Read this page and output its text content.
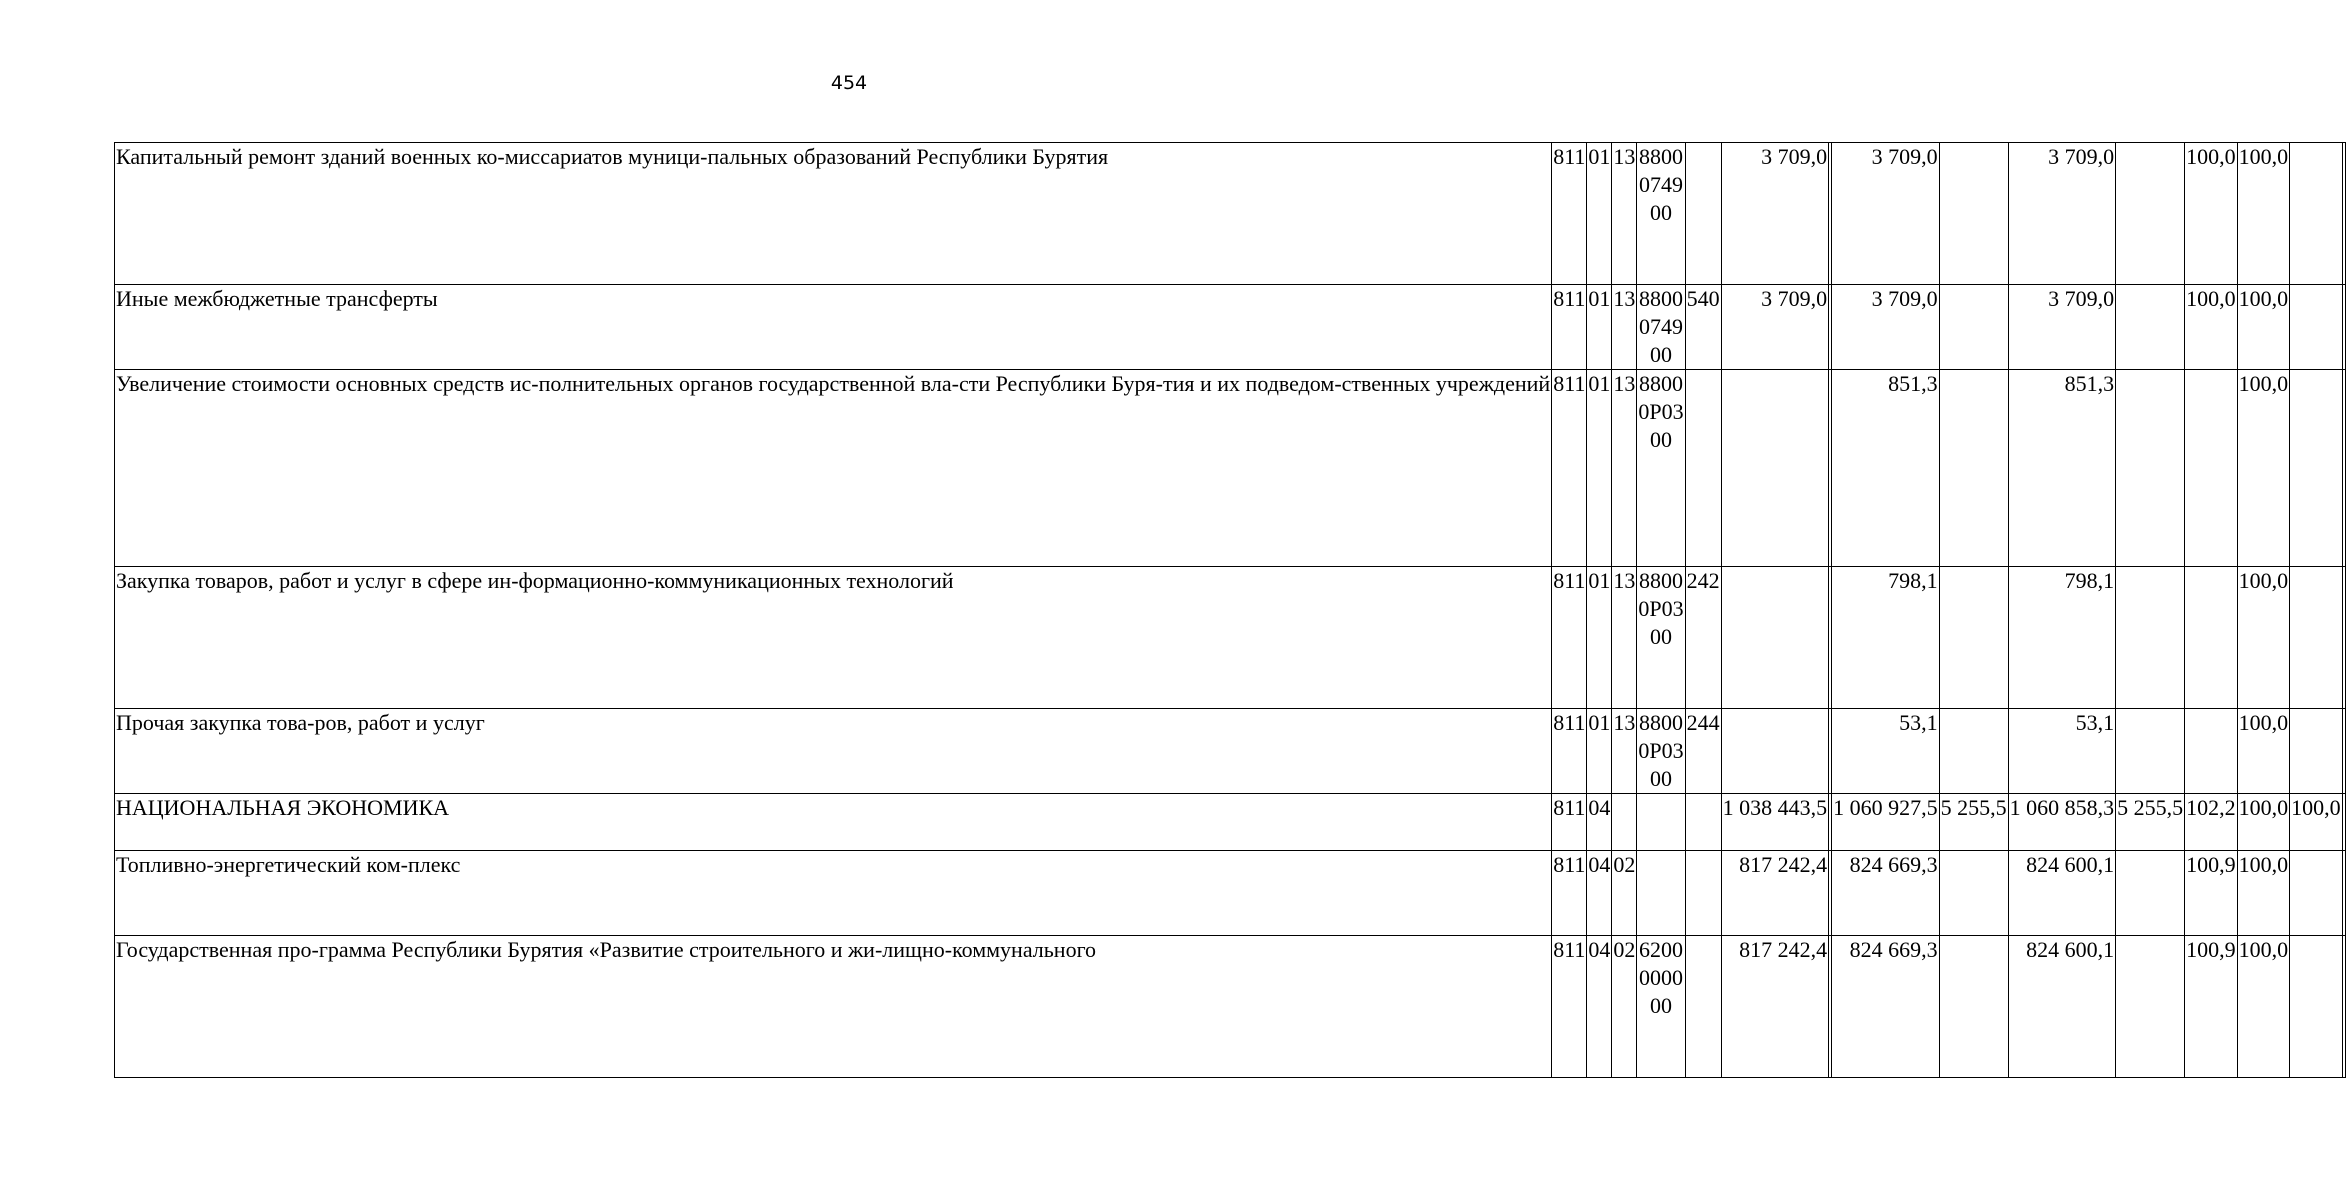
454
Капитальный ремонт зданий военных ко-миссариатов муници-пальных образований Республики Бурятия	811	01	13	8800
0749
00		3 709,0		3 709,0		3 709,0		100,0	100,0		
Иные межбюджетные трансферты	811	01	13	8800
0749
00	540	3 709,0		3 709,0		3 709,0		100,0	100,0		
Увеличение стоимости основных средств ис-полнительных органов государственной вла-сти Республики Буря-тия и их подведом-ственных учреждений	811	01	13	8800
0Р03
00				851,3		851,3			100,0		
Закупка товаров, работ и услуг в сфере ин-формационно-коммуникационных технологий	811	01	13	8800
0Р03
00	242			798,1		798,1			100,0		
Прочая закупка това-ров, работ и услуг	811	01	13	8800
0Р03
00	244			53,1		53,1			100,0		
НАЦИОНАЛЬНАЯ ЭКОНОМИКА	811	04				1 038 443,5		1 060 927,5	5 255,5	1 060 858,3	5 255,5	102,2	100,0	100,0	
Топливно-энергетический ком-плекс	811	04	02			817 242,4		824 669,3		824 600,1		100,9	100,0		
Государственная про-грамма Республики Бурятия «Развитие строительного и жи-лищно-коммунального	811	04	02	6200
0000
00		817 242,4		824 669,3		824 600,1		100,9	100,0		
